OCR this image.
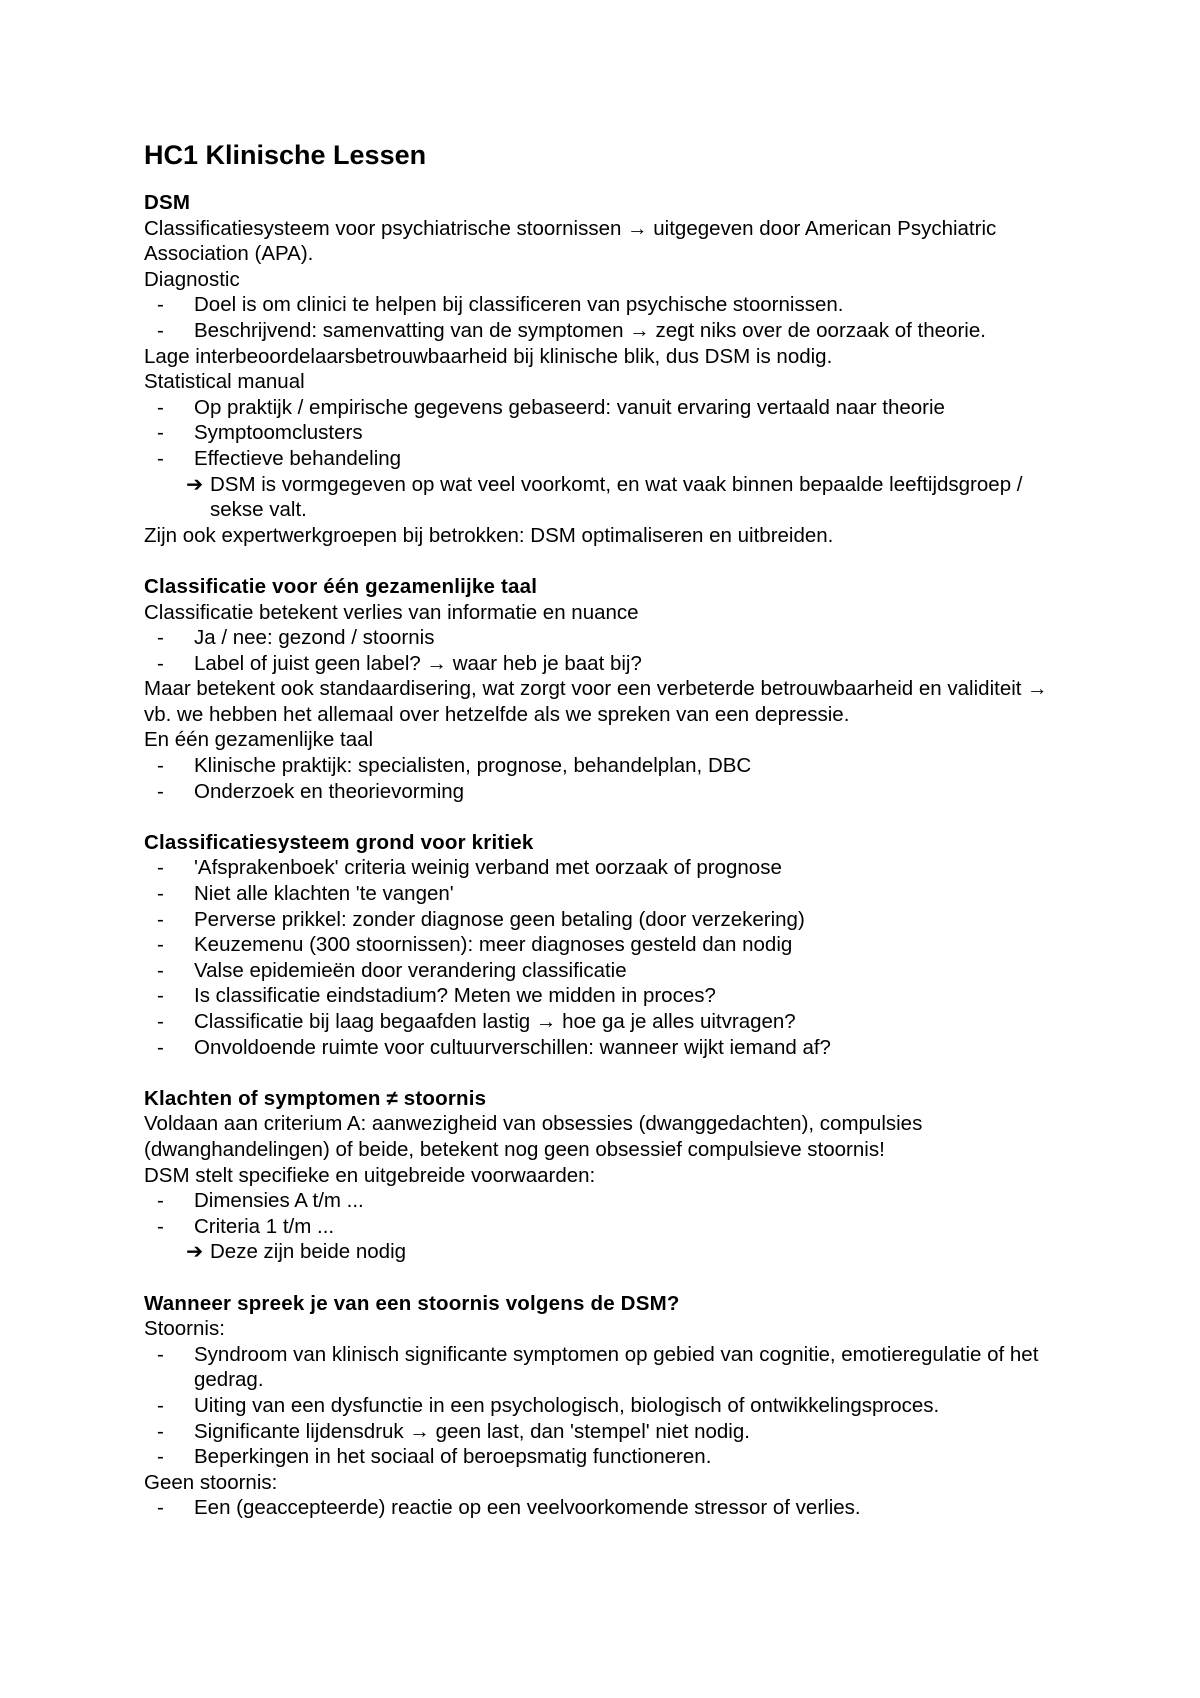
HC1 Klinische Lessen
DSM
Classificatiesysteem voor psychiatrische stoornissen → uitgegeven door American Psychiatric Association (APA).
Diagnostic
-	Doel is om clinici te helpen bij classificeren van psychische stoornissen.
-	Beschrijvend: samenvatting van de symptomen → zegt niks over de oorzaak of theorie.
Lage interbeoordelaarsbetrouwbaarheid bij klinische blik, dus DSM is nodig.
Statistical manual
-	Op praktijk / empirische gegevens gebaseerd: vanuit ervaring vertaald naar theorie
-	Symptoomclusters
-	Effectieve behandeling
➔ DSM is vormgegeven op wat veel voorkomt, en wat vaak binnen bepaalde leeftijdsgroep / sekse valt.
Zijn ook expertwerkgroepen bij betrokken: DSM optimaliseren en uitbreiden.
Classificatie voor één gezamenlijke taal
Classificatie betekent verlies van informatie en nuance
-	Ja / nee: gezond / stoornis
-	Label of juist geen label? → waar heb je baat bij?
Maar betekent ook standaardisering, wat zorgt voor een verbeterde betrouwbaarheid en validiteit → vb. we hebben het allemaal over hetzelfde als we spreken van een depressie.
En één gezamenlijke taal
-	Klinische praktijk: specialisten, prognose, behandelplan, DBC
-	Onderzoek en theorievorming
Classificatiesysteem grond voor kritiek
-	'Afsprakenboek' criteria weinig verband met oorzaak of prognose
-	Niet alle klachten 'te vangen'
-	Perverse prikkel: zonder diagnose geen betaling (door verzekering)
-	Keuzemenu (300 stoornissen): meer diagnoses gesteld dan nodig
-	Valse epidemieën door verandering classificatie
-	Is classificatie eindstadium? Meten we midden in proces?
-	Classificatie bij laag begaafden lastig → hoe ga je alles uitvragen?
-	Onvoldoende ruimte voor cultuurverschillen: wanneer wijkt iemand af?
Klachten of symptomen ≠ stoornis
Voldaan aan criterium A: aanwezigheid van obsessies (dwanggedachten), compulsies (dwanghandelingen) of beide, betekent nog geen obsessief compulsieve stoornis!
DSM stelt specifieke en uitgebreide voorwaarden:
-	Dimensies A t/m ...
-	Criteria 1 t/m ...
➔ Deze zijn beide nodig
Wanneer spreek je van een stoornis volgens de DSM?
Stoornis:
-	Syndroom van klinisch significante symptomen op gebied van cognitie, emotieregulatie of het gedrag.
-	Uiting van een dysfunctie in een psychologisch, biologisch of ontwikkelingsproces.
-	Significante lijdensdruk → geen last, dan 'stempel' niet nodig.
-	Beperkingen in het sociaal of beroepsmatig functioneren.
Geen stoornis:
-	Een (geaccepteerde) reactie op een veelvoorkomende stressor of verlies.
